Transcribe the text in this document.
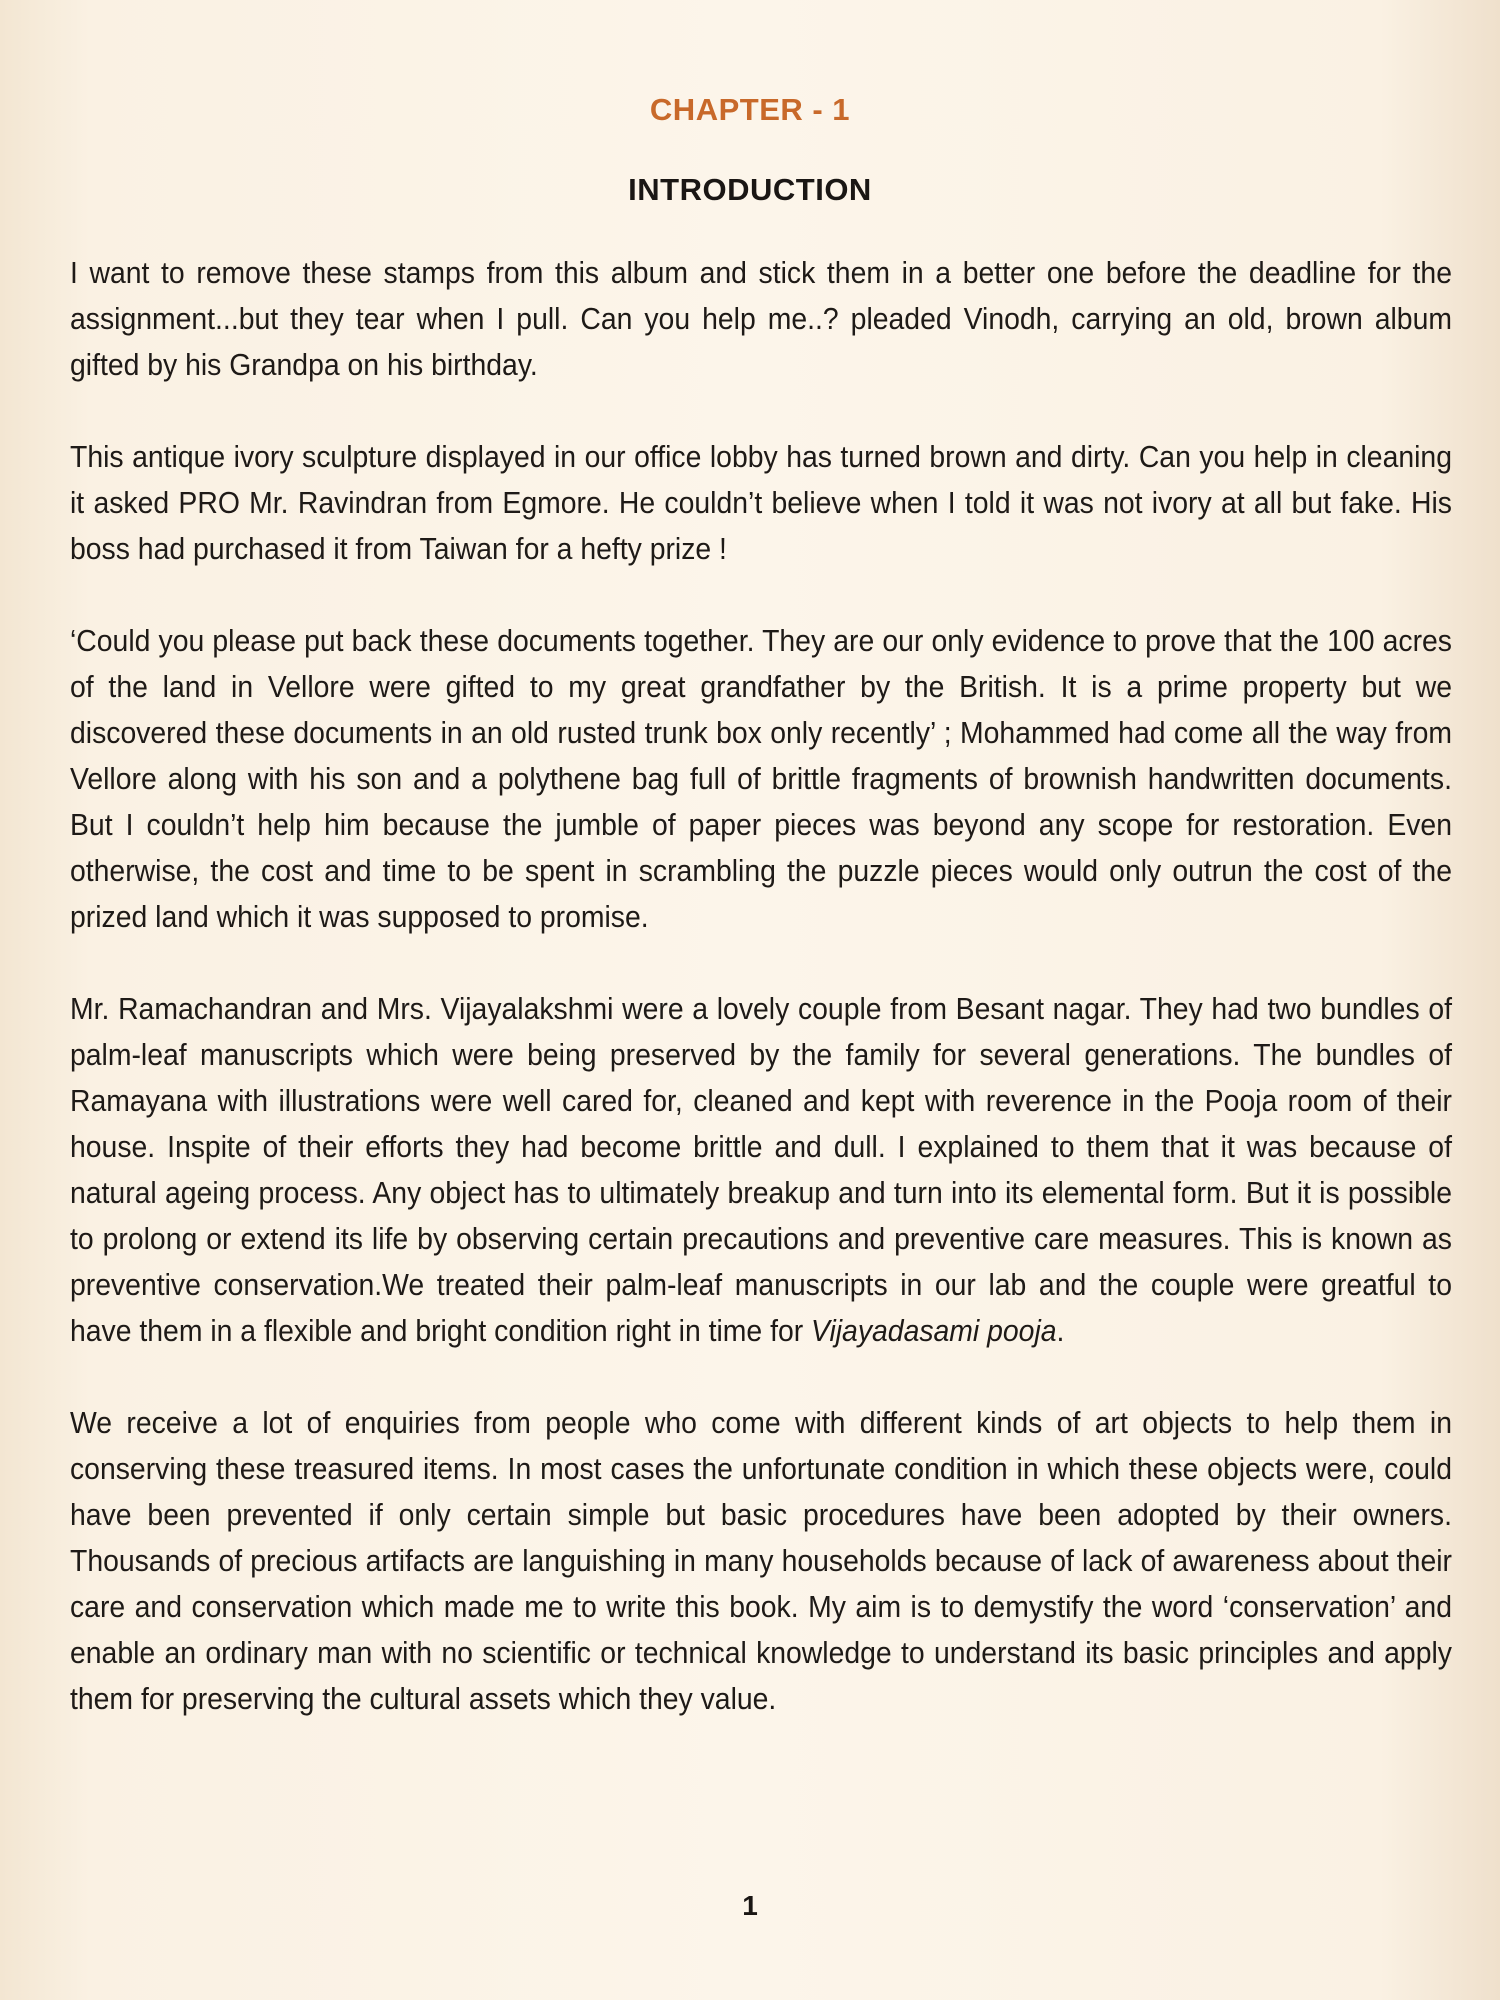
CHAPTER - 1
INTRODUCTION

I want to remove these stamps from this album and stick them in a better one before the deadline for the assignment...but they tear when I pull. Can you help me..? pleaded Vinodh, carrying an old, brown album gifted by his Grandpa on his birthday.

This antique ivory sculpture displayed in our office lobby has turned brown and dirty. Can you help in cleaning it asked PRO Mr. Ravindran from Egmore. He couldn’t believe when I told it was not ivory at all but fake. His boss had purchased it from Taiwan for a hefty prize !

‘Could you please put back these documents together. They are our only evidence to prove that the 100 acres of the land in Vellore were gifted to my great grandfather by the British. It is a prime property but we discovered these documents in an old rusted trunk box only recently’ ; Mohammed had come all the way from Vellore along with his son and a polythene bag full of brittle fragments of brownish handwritten documents. But I couldn’t help him because the jumble of paper pieces was beyond any scope for restoration. Even otherwise, the cost and time to be spent in scrambling the puzzle pieces would only outrun the cost of the prized land which it was supposed to promise.

Mr. Ramachandran and Mrs. Vijayalakshmi were a lovely couple from Besant nagar. They had two bundles of palm-leaf manuscripts which were being preserved by the family for several generations. The bundles of Ramayana with illustrations were well cared for, cleaned and kept with reverence in the Pooja room of their house. Inspite of their efforts they had become brittle and dull. I explained to them that it was because of natural ageing process. Any object has to ultimately breakup and turn into its elemental form. But it is possible to prolong or extend its life by observing certain precautions and preventive care measures. This is known as preventive conservation.We treated their palm-leaf manuscripts in our lab and the couple were greatful to have them in a flexible and bright condition right in time for Vijayadasami pooja.

We receive a lot of enquiries from people who come with different kinds of art objects to help them in conserving these treasured items. In most cases the unfortunate condition in which these objects were, could have been prevented if only certain simple but basic procedures have been adopted by their owners. Thousands of precious artifacts are languishing in many households because of lack of awareness about their care and conservation which made me to write this book. My aim is to demystify the word ‘conservation’ and enable an ordinary man with no scientific or technical knowledge to understand its basic principles and apply them for preserving the cultural assets which they value.

1
